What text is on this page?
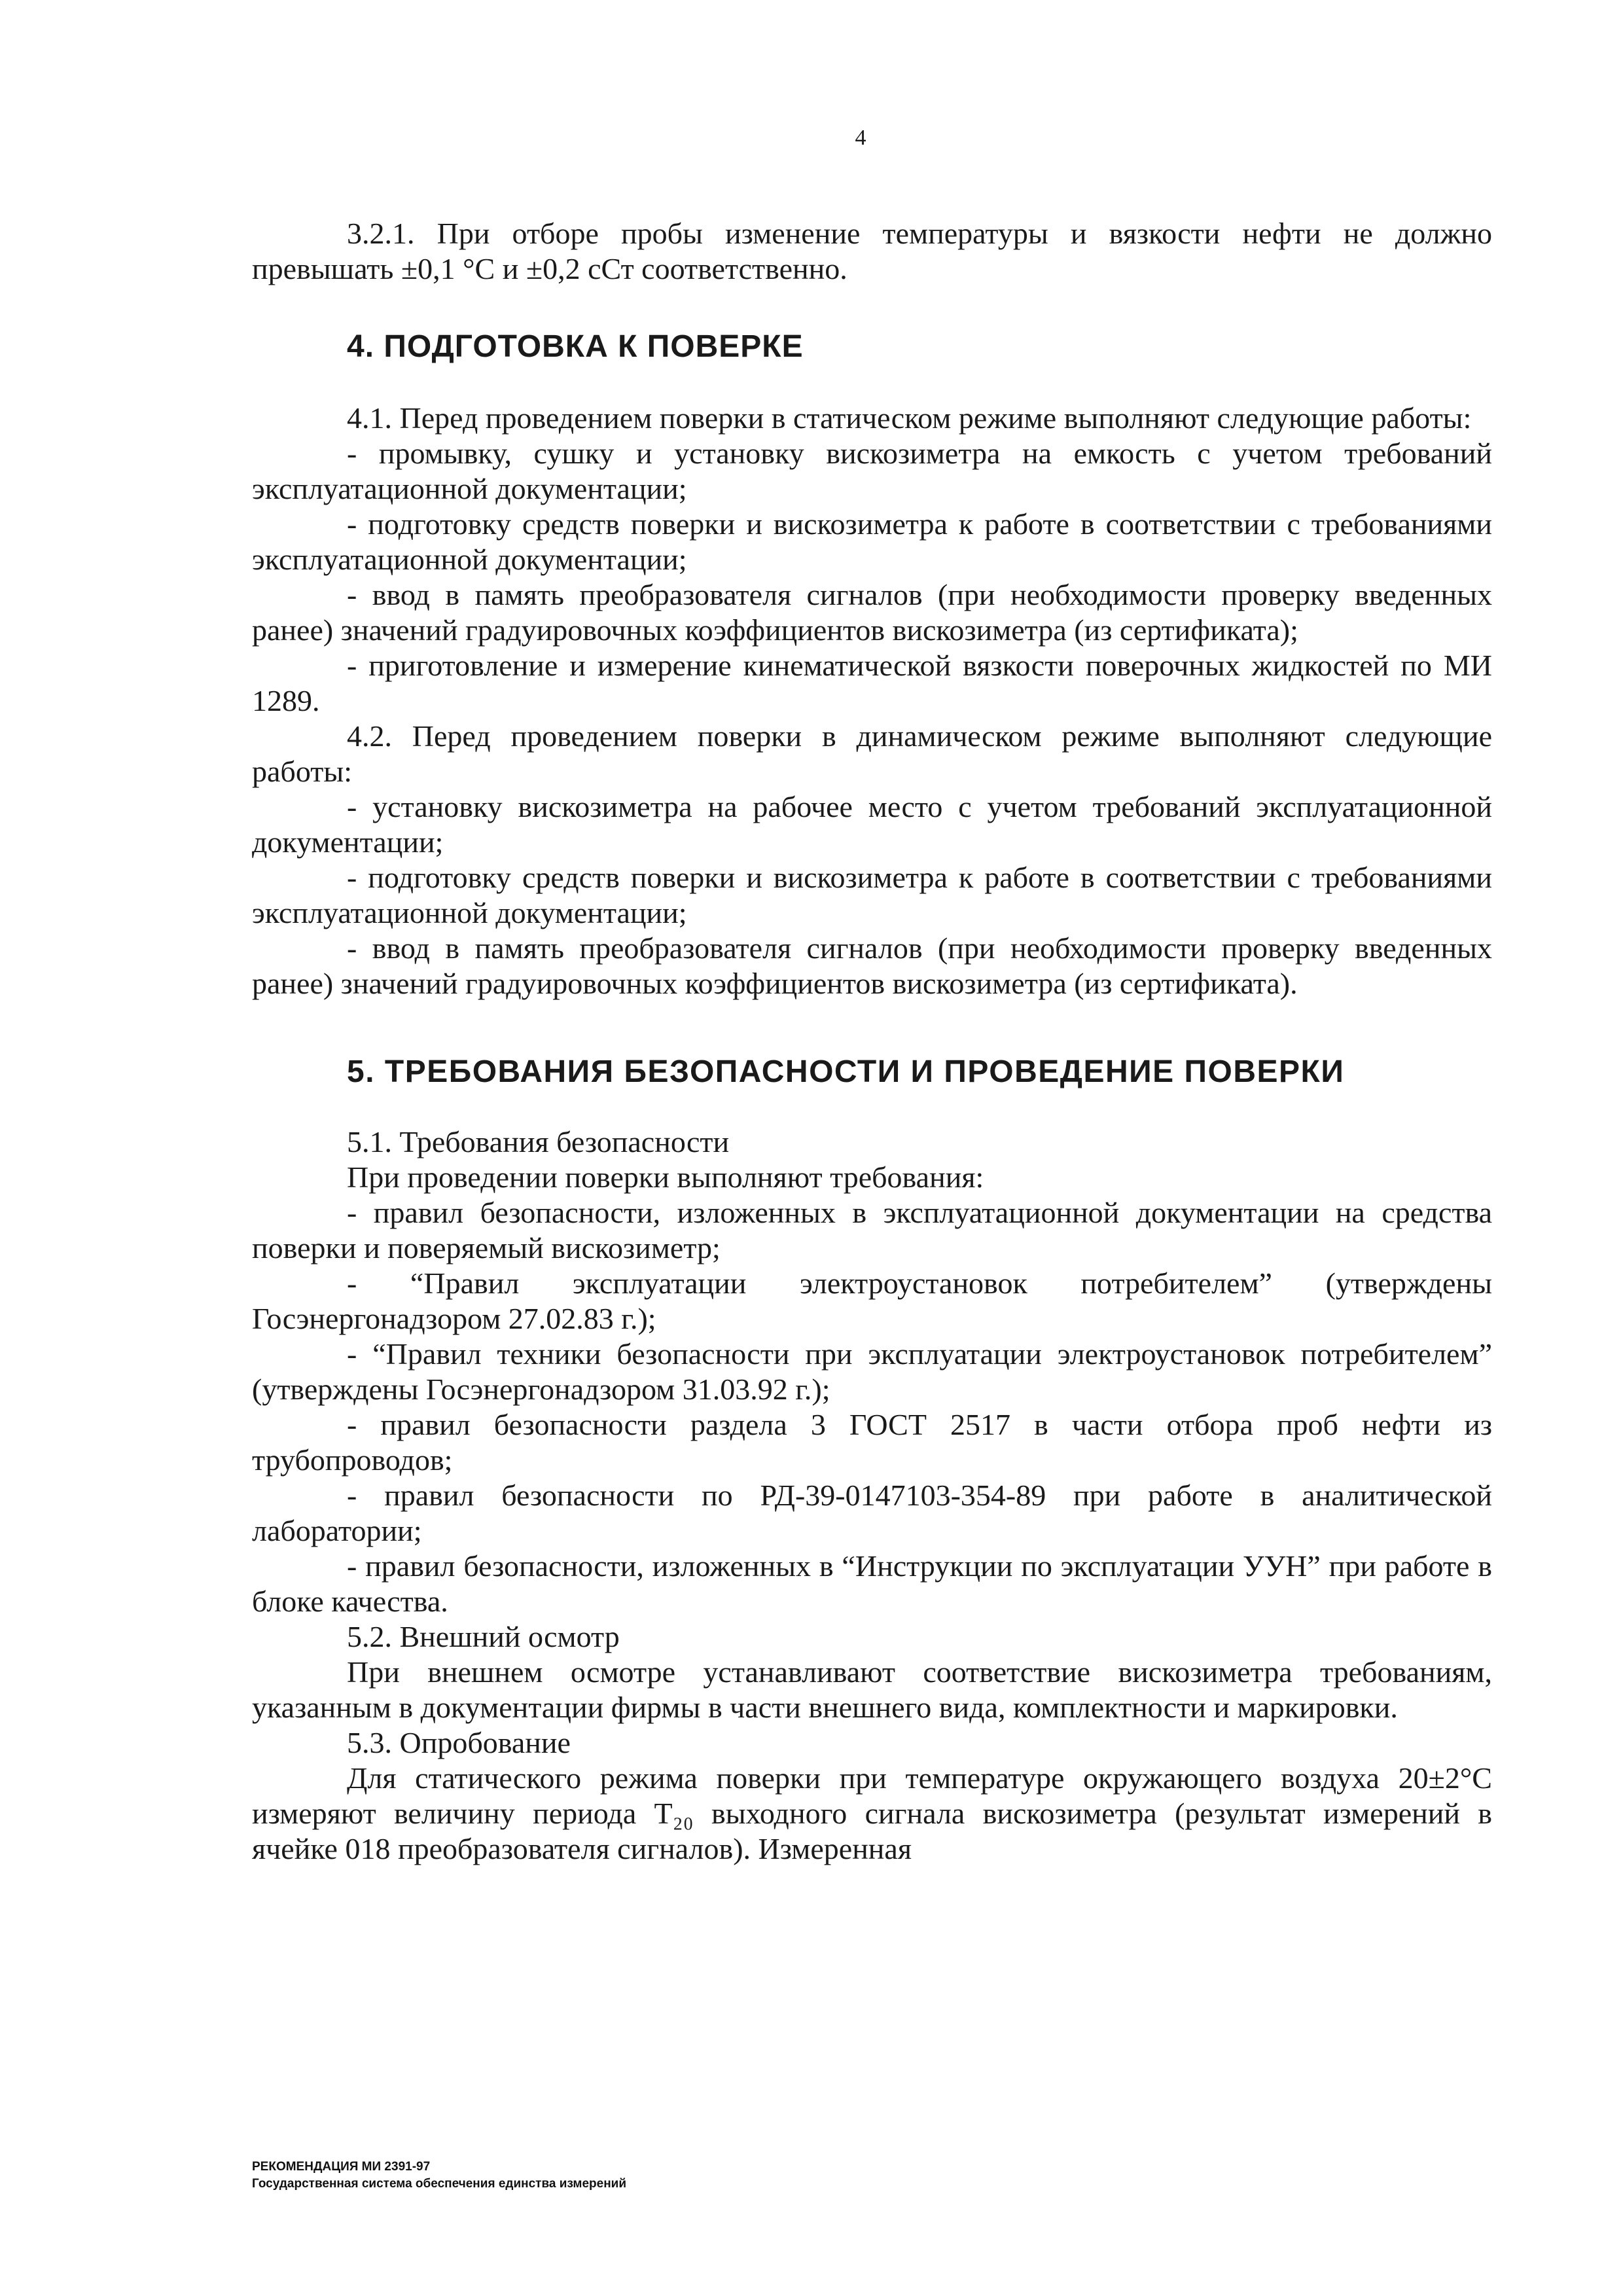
4

3.2.1. При отборе пробы изменение температуры и вязкости нефти не должно превышать ±0,1 °С и ±0,2 сСт соответственно.

4. ПОДГОТОВКА К ПОВЕРКЕ

4.1. Перед проведением поверки в статическом режиме выполняют следующие работы:

- промывку, сушку и установку вискозиметра на емкость с учетом требований эксплуатационной документации;

- подготовку средств поверки и вискозиметра к работе в соответствии с требованиями эксплуатационной документации;

- ввод в память преобразователя сигналов (при необходимости проверку введенных ранее) значений градуировочных коэффициентов вискозиметра (из сертификата);

- приготовление и измерение кинематической вязкости поверочных жидкостей по МИ 1289.

4.2. Перед проведением поверки в динамическом режиме выполняют следующие работы:

- установку вискозиметра на рабочее место с учетом требований эксплуатационной документации;

- подготовку средств поверки и вискозиметра к работе в соответствии с требованиями эксплуатационной документации;

- ввод в память преобразователя сигналов (при необходимости проверку введенных ранее) значений градуировочных коэффициентов вискозиметра (из сертификата).

5. ТРЕБОВАНИЯ БЕЗОПАСНОСТИ И ПРОВЕДЕНИЕ ПОВЕРКИ

5.1. Требования безопасности

При проведении поверки выполняют требования:

- правил безопасности, изложенных в эксплуатационной документации на средства поверки и поверяемый вискозиметр;

- “Правил эксплуатации электроустановок потребителем” (утверждены Госэнергонадзором 27.02.83 г.);

- “Правил техники безопасности при эксплуатации электроустановок потребителем” (утверждены Госэнергонадзором 31.03.92 г.);

- правил безопасности раздела 3 ГОСТ 2517 в части отбора проб нефти из трубопроводов;

- правил безопасности по РД-39-0147103-354-89 при работе в аналитической лаборатории;

- правил безопасности, изложенных в “Инструкции по эксплуатации УУН” при работе в блоке качества.

5.2. Внешний осмотр

При внешнем осмотре устанавливают соответствие вискозиметра требованиям, указанным в документации фирмы в части внешнего вида, комплектности и маркировки.

5.3. Опробование

Для статического режима поверки при температуре окружающего воздуха 20±2°С измеряют величину периода Т₂₀ выходного сигнала вискозиметра (результат измерений в ячейке 018 преобразователя сигналов). Измеренная

РЕКОМЕНДАЦИЯ МИ 2391-97
Государственная система обеспечения единства измерений
